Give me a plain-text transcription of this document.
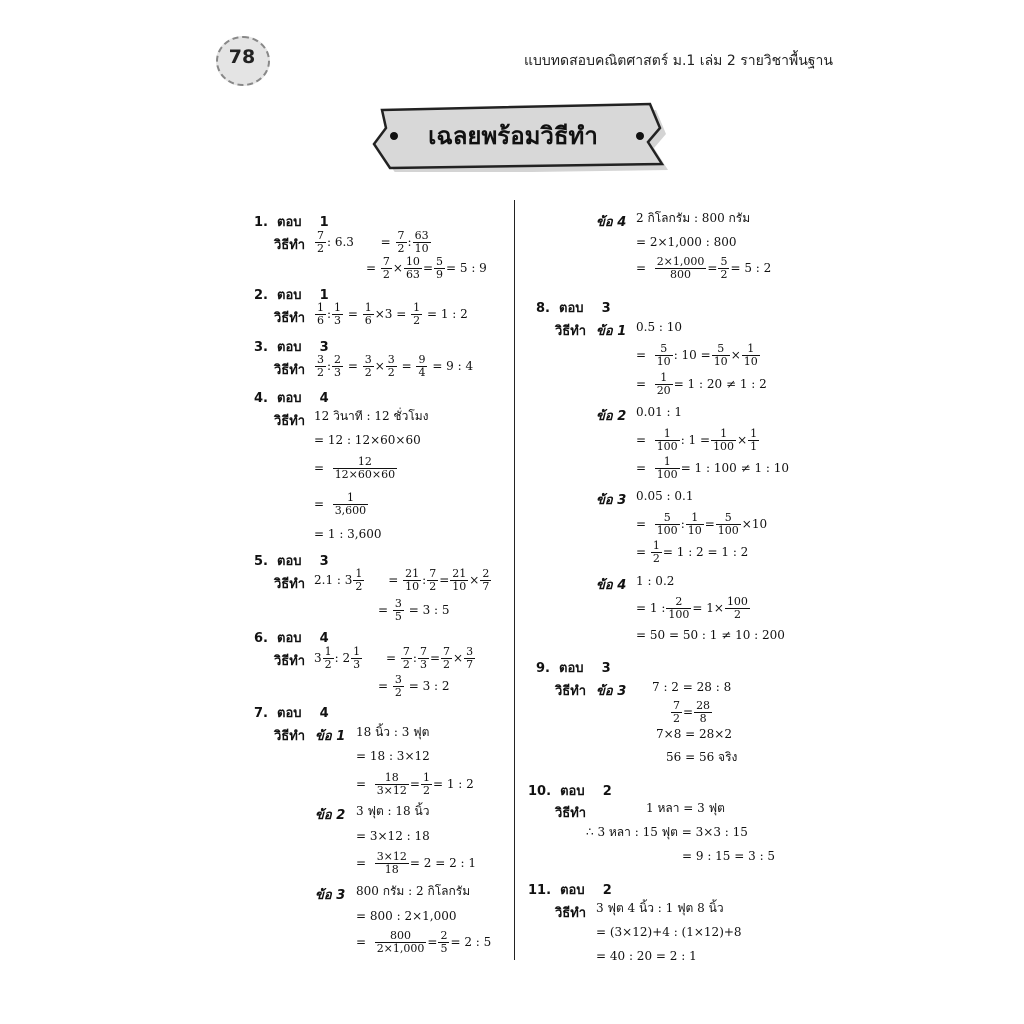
78	แบบทดสอบคณิตศาสตร์ ม.1 เล่ม 2 รายวิชาพื้นฐาน
เฉลยพร้อมวิธีทำ
1. ตอบ 1
วิธีทำ $\frac{7}{2}$ : 6.3       = $\frac{7}{2}$ : $\frac{63}{10}$
= $\frac{7}{2} \times \frac{10}{63} = \frac{5}{9} = 5$ : 9
2. ตอบ 1
วิธีทำ $\frac{1}{6}$ : $\frac{1}{3} = \frac{1}{6} \times 3 = \frac{1}{2} = 1$ : 2
3. ตอบ 3
วิธีทำ $\frac{3}{2}$ : $\frac{2}{3} = \frac{3}{2} \times \frac{3}{2} = \frac{9}{4} = 9$ : 4
4. ตอบ 4
วิธีทำ 12 วินาที : 12 ชั่วโมง
= 12 : 12×60×60
= $\frac{12}{12\times 60\times 60}$
= $\frac{1}{3,600}$
= 1 : 3,600
5. ตอบ 3
วิธีทำ 2.1 : $3 \frac{1}{2} = \frac{21}{10}$ : $\frac{7}{2} = \frac{21}{10} \times \frac{2}{7}$
= $\frac{3}{5} = 3$ : 5
6. ตอบ 4
วิธีทำ $3 \frac{1}{2}$ : $2 \frac{1}{3} = \frac{7}{2}$ : $\frac{7}{3} = \frac{7}{2} \times \frac{3}{7}$
= $\frac{3}{2} = 3$ : 2
7. ตอบ 4
วิธีทำ ข้อ 1 18 นิ้ว : 3 ฟุต
= 18 : 3×12
= $\frac{18}{3\times 12} = \frac{1}{2} = 1$ : 2
ข้อ 2 3 ฟุต : 18 นิ้ว
= 3×12 : 18
= $\frac{3\times 12}{18} = 2 = 2$ : 1
ข้อ 3 800 กรัม : 2 กิโลกรัม
= 800 : 2×1,000
= $\frac{800}{2\times 1,000} = \frac{2}{5} = 2$ : 5
ข้อ 4 2 กิโลกรัม : 800 กรัม
= 2×1,000 : 800
= $\frac{2\times 1,000}{800} = \frac{5}{2} = 5$ : 2
8. ตอบ 3
วิธีทำ ข้อ 1 0.5 : 10
= $\frac{5}{10}$ : $10 = \frac{5}{10} \times \frac{1}{10}$
= $\frac{1}{20} = 1$ : 20 ≠ 1 : 2
ข้อ 2 0.01 : 1
= $\frac{1}{100}$ : $1 = \frac{1}{100} \times \frac{1}{1}$
= $\frac{1}{100} = 1$ : 100 ≠ 1 : 10
ข้อ 3 0.05 : 0.1
= $\frac{5}{100}$ : $\frac{1}{10} = \frac{5}{100} \times 10$
= $\frac{1}{2} = 1$ : 2 = 1 : 2
ข้อ 4 1 : 0.2
= 1 : $\frac{2}{100} = 1\times \frac{100}{2}$
= 50 = 50 : 1 ≠ 10 : 200
9. ตอบ 3
วิธีทำ ข้อ 3 7 : 2 = 28 : 8
$\frac{7}{2} = \frac{28}{8}$
7×8 = 28×2
56 = 56 จริง
10. ตอบ 2
วิธีทำ	1 หลา = 3 ฟุต
∴ 3 หลา : 15 ฟุต = 3×3 : 15
= 9 : 15 = 3 : 5
11. ตอบ 2
วิธีทำ 3 ฟุต 4 นิ้ว : 1 ฟุต 8 นิ้ว
= (3×12)+4 : (1×12)+8
= 40 : 20 = 2 : 1
